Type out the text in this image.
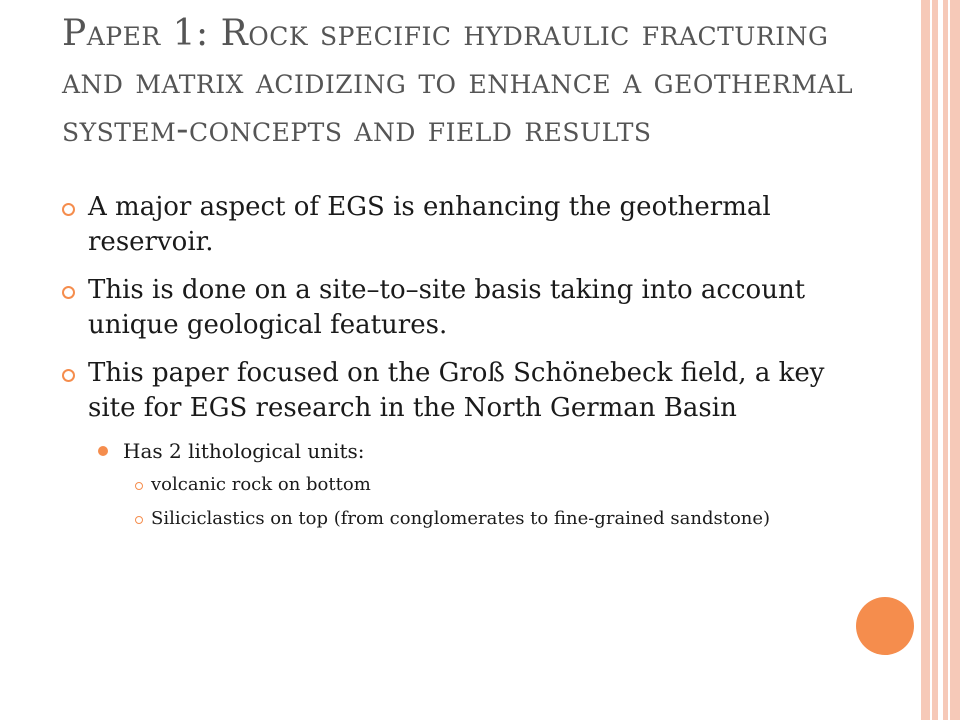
Paper 1: Rock specific hydraulic fracturing and matrix acidizing to enhance a geothermal system-concepts and field results
A major aspect of EGS is enhancing the geothermal reservoir.
This is done on a site–to–site basis taking into account unique geological features.
This paper focused on the Groß Schönebeck field, a key site for EGS research in the North German Basin
Has 2 lithological units:
volcanic rock on bottom
Siliciclastics on top (from conglomerates to fine-grained sandstone)
